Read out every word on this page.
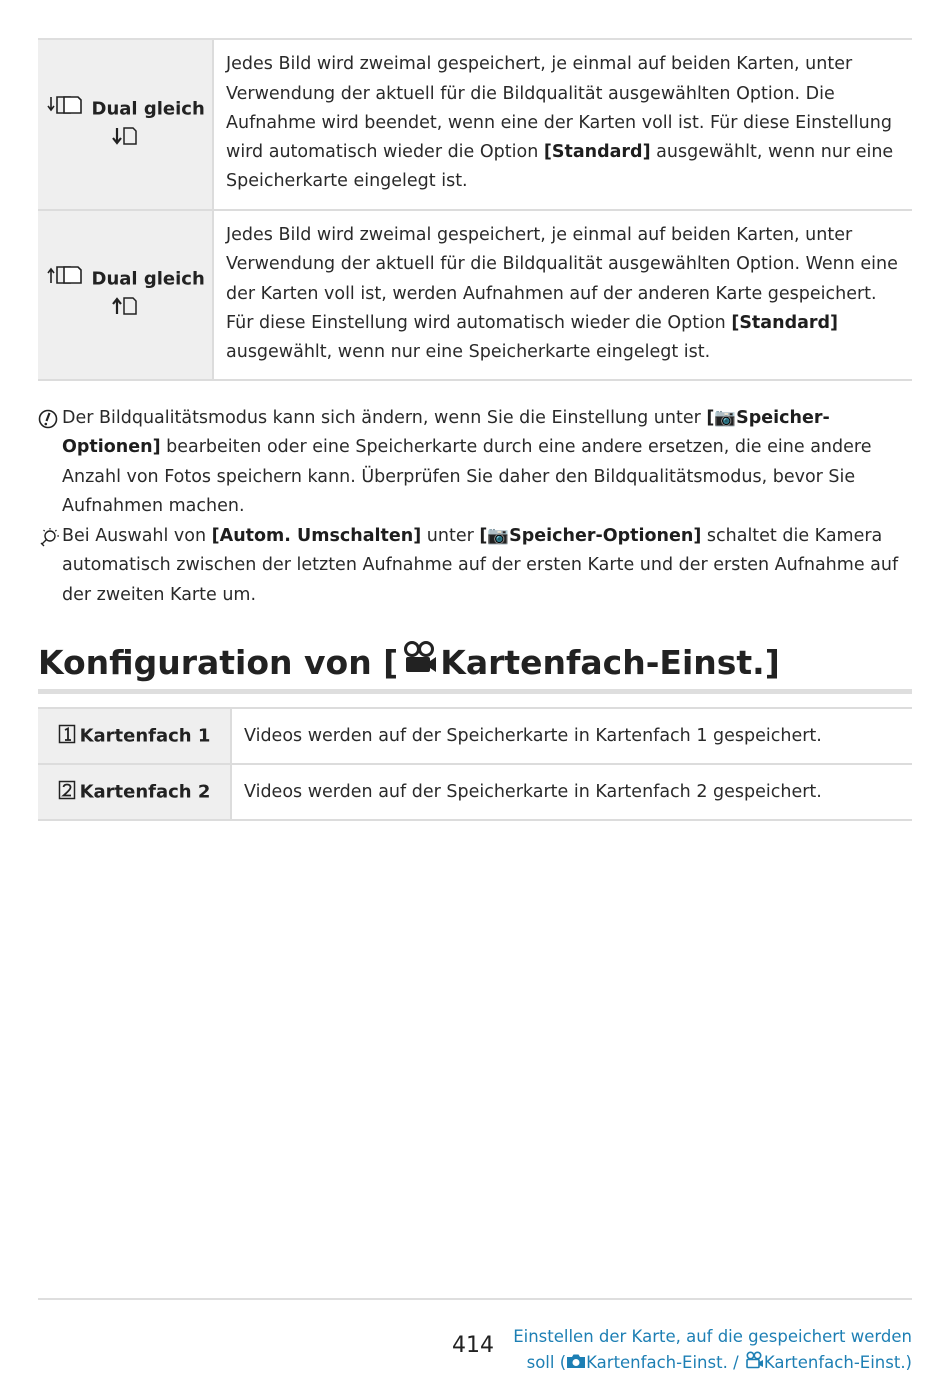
Dual gleich	Jedes Bild wird zweimal gespeichert, je einmal auf beiden Karten, unter Verwendung der aktuell für die Bildqualität ausgewählten Option. Die Aufnahme wird beendet, wenn eine der Karten voll ist. Für diese Einstellung wird automatisch wieder die Option [Standard] ausgewählt, wenn nur eine Speicherkarte eingelegt ist.
Dual gleich	Jedes Bild wird zweimal gespeichert, je einmal auf beiden Karten, unter Verwendung der aktuell für die Bildqualität ausgewählten Option. Wenn eine der Karten voll ist, werden Aufnahmen auf der anderen Karte gespeichert. Für diese Einstellung wird automatisch wieder die Option [Standard] ausgewählt, wenn nur eine Speicherkarte eingelegt ist.
Der Bildqualitätsmodus kann sich ändern, wenn Sie die Einstellung unter [📷Speicher-Optionen] bearbeiten oder eine Speicherkarte durch eine andere ersetzen, die eine andere Anzahl von Fotos speichern kann. Überprüfen Sie daher den Bildqualitätsmodus, bevor Sie Aufnahmen machen.
Bei Auswahl von [Autom. Umschalten] unter [📷Speicher-Optionen] schaltet die Kamera automatisch zwischen der letzten Aufnahme auf der ersten Karte und der ersten Aufnahme auf der zweiten Karte um.
Konfiguration von [ Kartenfach-Einst.]
Kartenfach 1	Videos werden auf der Speicherkarte in Kartenfach 1 gespeichert.
Kartenfach 2	Videos werden auf der Speicherkarte in Kartenfach 2 gespeichert.
414	Einstellen der Karte, auf die gespeichert werden
soll ( Kartenfach-Einst. / Kartenfach-Einst.)
